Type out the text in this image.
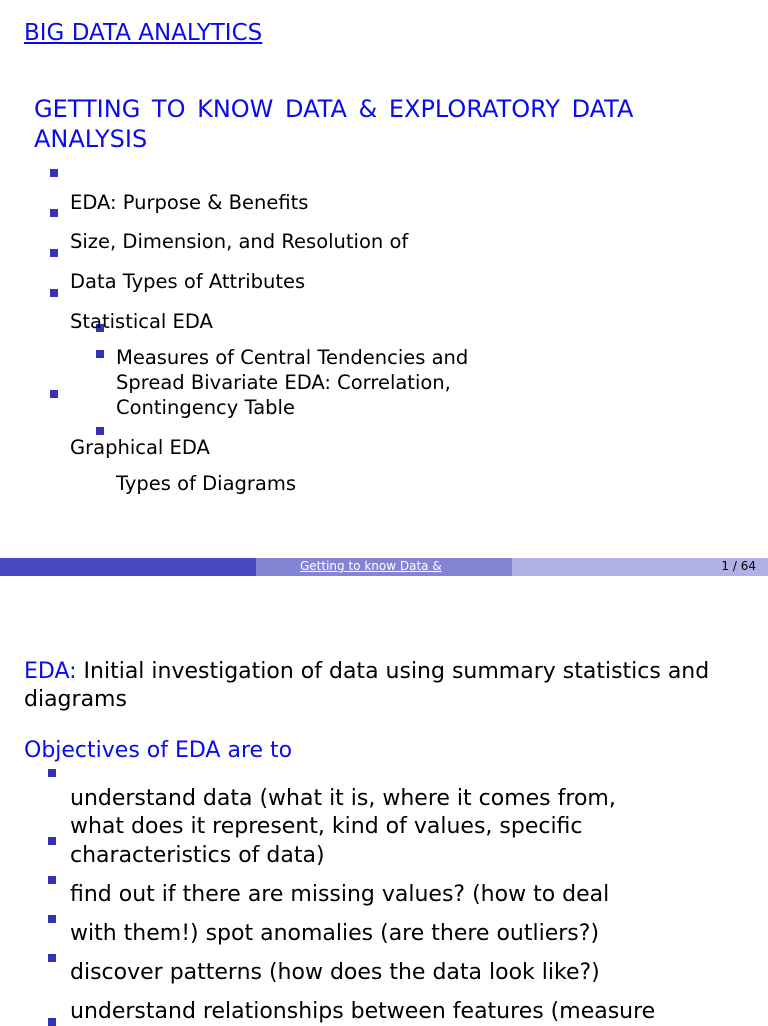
BIG DATA ANALYTICS
GETTING TO KNOW DATA & EXPLORATORY DATA ANALYSIS
EDA: Purpose & Benefits
Size, Dimension, and Resolution of
Data Types of Attributes
Statistical EDA
Measures of Central Tendencies and
Spread Bivariate EDA: Correlation,
Contingency Table
Graphical EDA
Types of Diagrams
Getting to know Data &	1 / 64
EDA: Initial investigation of data using summary statistics and
diagrams
Objectives of EDA are to
understand data (what it is, where it comes from,
what does it represent, kind of values, specific
characteristics of data)
find out if there are missing values? (how to deal
with them!) spot anomalies (are there outliers?)
discover patterns (how does the data look like?)
understand relationships between features (measure
